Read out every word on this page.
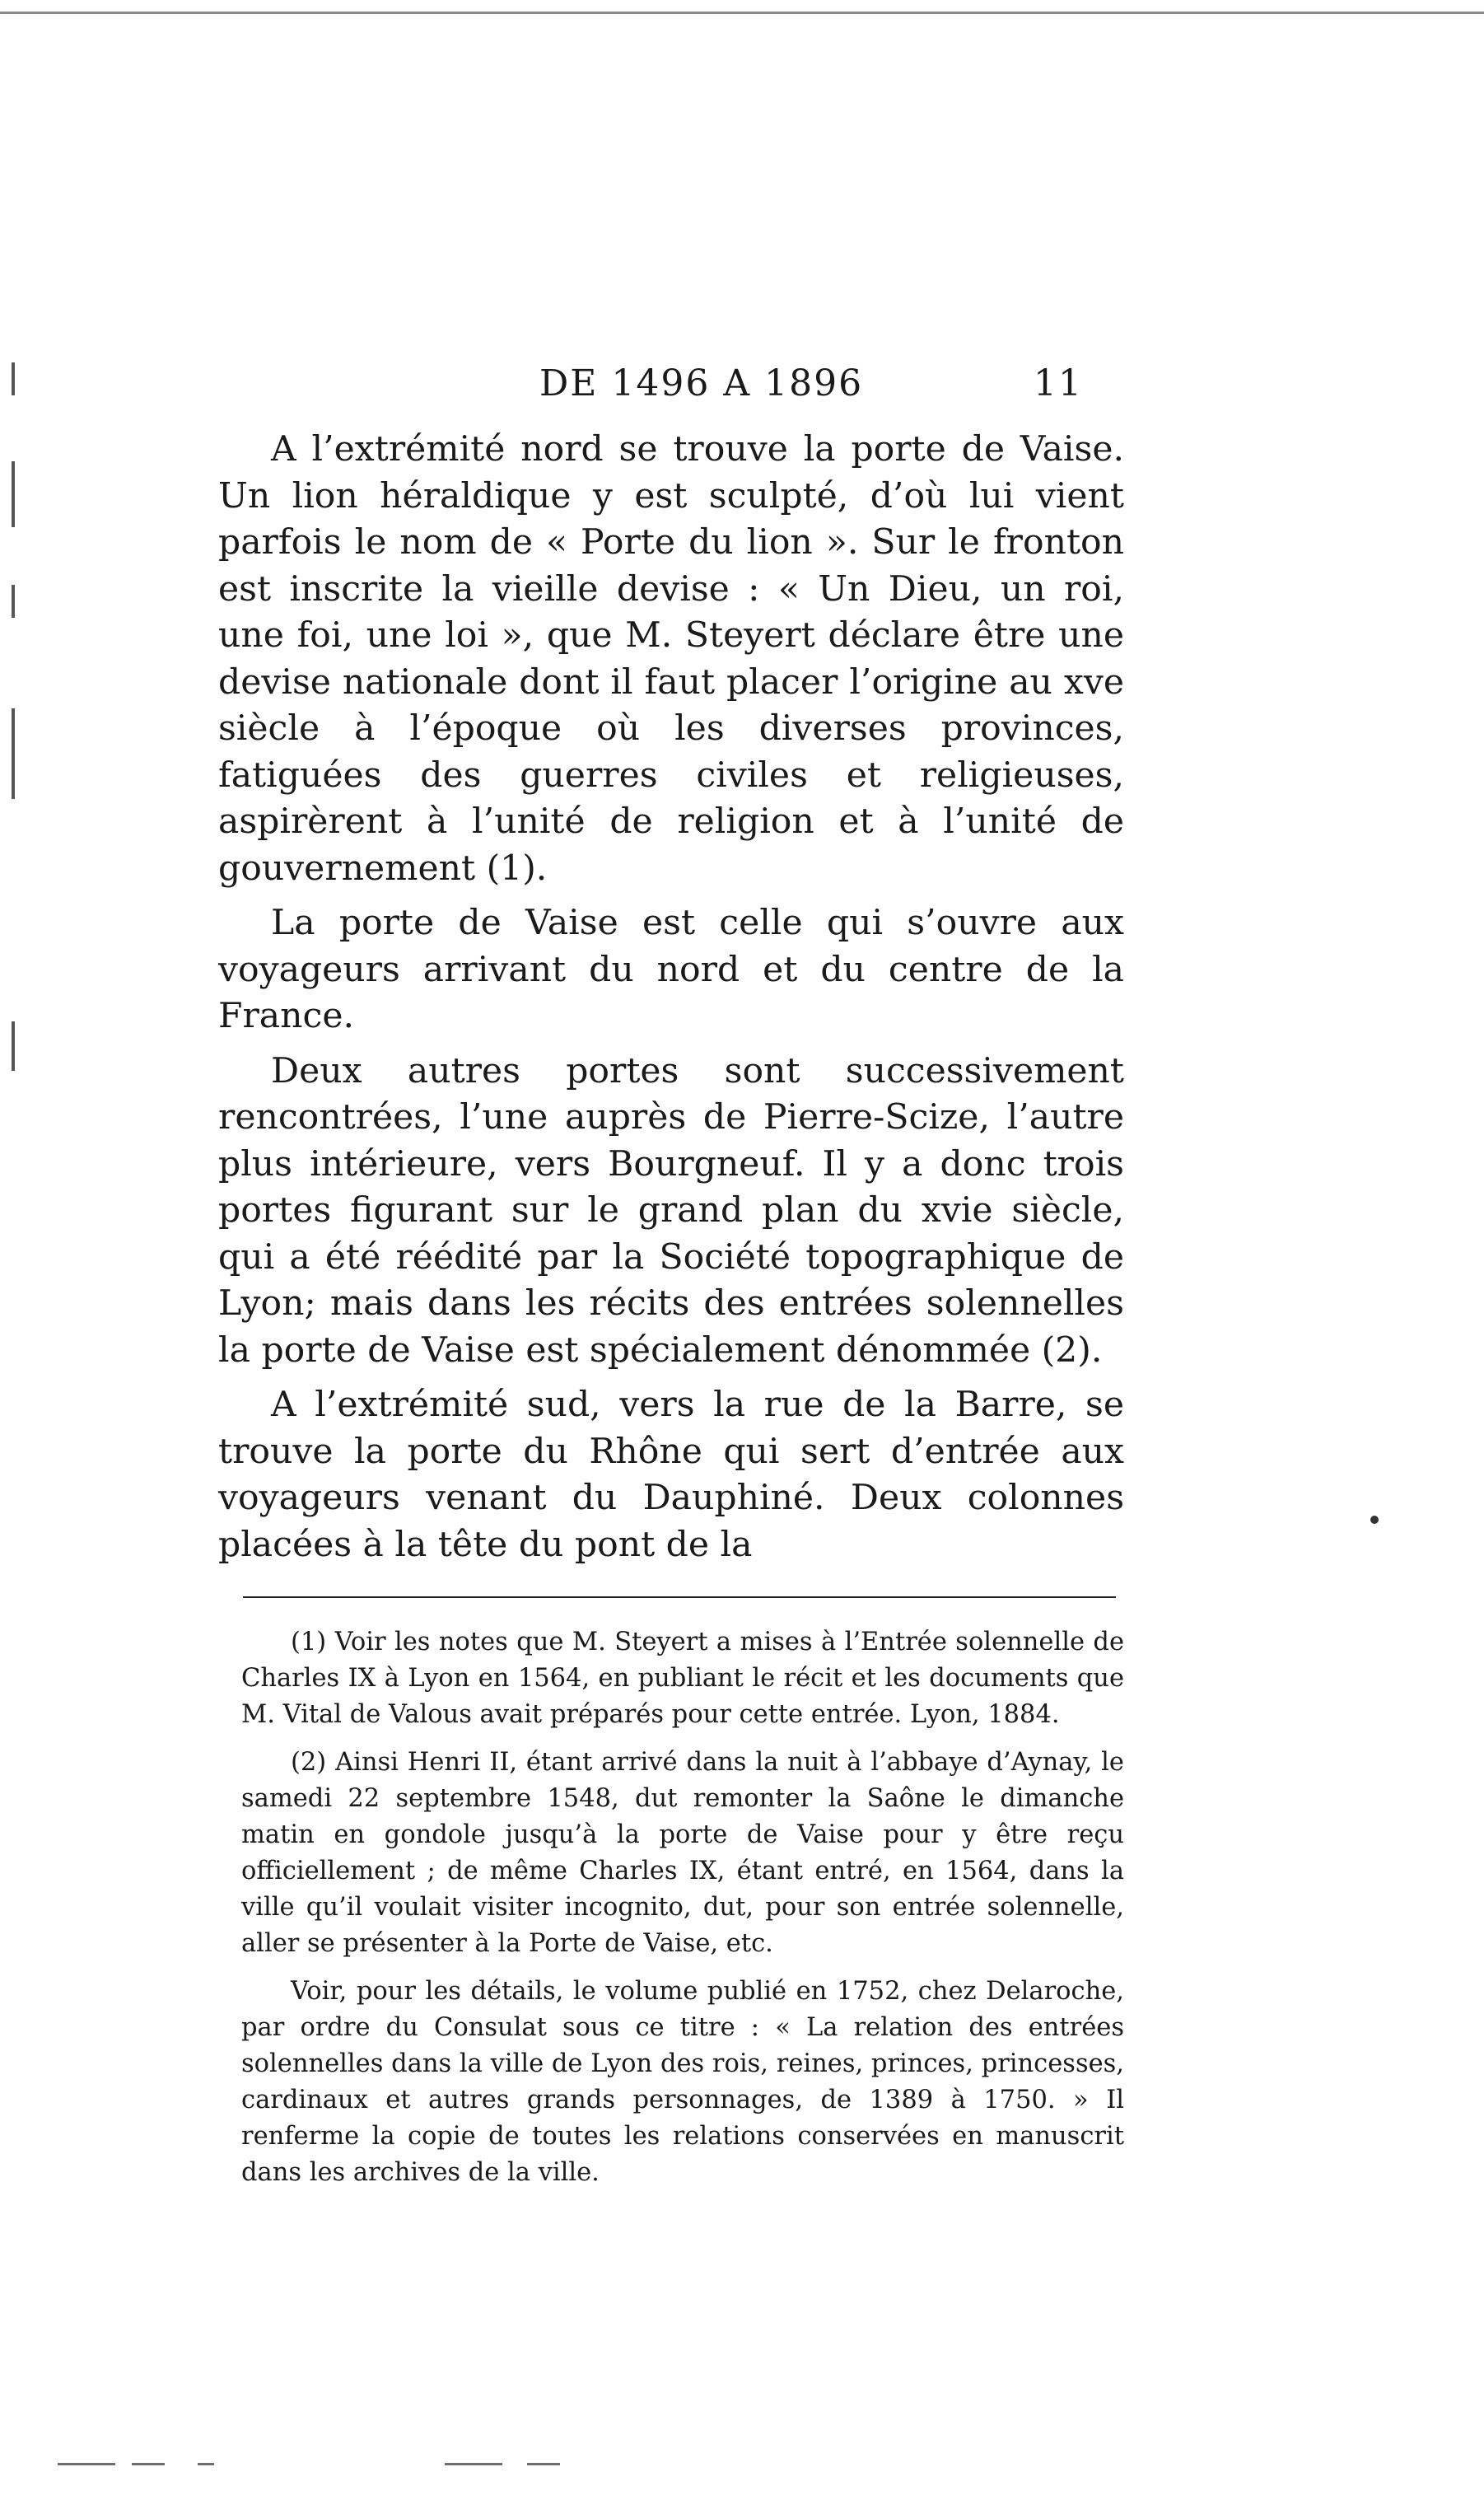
DE 1496 A 1896	11

A l’extrémité nord se trouve la porte de Vaise. Un lion héraldique y est sculpté, d’où lui vient parfois le nom de « Porte du lion ». Sur le fronton est inscrite la vieille devise : « Un Dieu, un roi, une foi, une loi », que M. Steyert déclare être une devise nationale dont il faut placer l’origine au xve siècle à l’époque où les diverses provinces, fatiguées des guerres civiles et religieuses, aspirèrent à l’unité de religion et à l’unité de gouvernement (1).

La porte de Vaise est celle qui s’ouvre aux voyageurs arrivant du nord et du centre de la France.

Deux autres portes sont successivement rencontrées, l’une auprès de Pierre-Scize, l’autre plus intérieure, vers Bourgneuf. Il y a donc trois portes figurant sur le grand plan du xvie siècle, qui a été réédité par la Société topographique de Lyon; mais dans les récits des entrées solennelles la porte de Vaise est spécialement dénommée (2).

A l’extrémité sud, vers la rue de la Barre, se trouve la porte du Rhône qui sert d’entrée aux voyageurs venant du Dauphiné. Deux colonnes placées à la tête du pont de la

(1) Voir les notes que M. Steyert a mises à l’Entrée solennelle de Charles IX à Lyon en 1564, en publiant le récit et les documents que M. Vital de Valous avait préparés pour cette entrée. Lyon, 1884.

(2) Ainsi Henri II, étant arrivé dans la nuit à l’abbaye d’Aynay, le samedi 22 septembre 1548, dut remonter la Saône le dimanche matin en gondole jusqu’à la porte de Vaise pour y être reçu officiellement ; de même Charles IX, étant entré, en 1564, dans la ville qu’il voulait visiter incognito, dut, pour son entrée solennelle, aller se présenter à la Porte de Vaise, etc.

Voir, pour les détails, le volume publié en 1752, chez Delaroche, par ordre du Consulat sous ce titre : « La relation des entrées solennelles dans la ville de Lyon des rois, reines, princes, princesses, cardinaux et autres grands personnages, de 1389 à 1750. » Il renferme la copie de toutes les relations conservées en manuscrit dans les archives de la ville.
